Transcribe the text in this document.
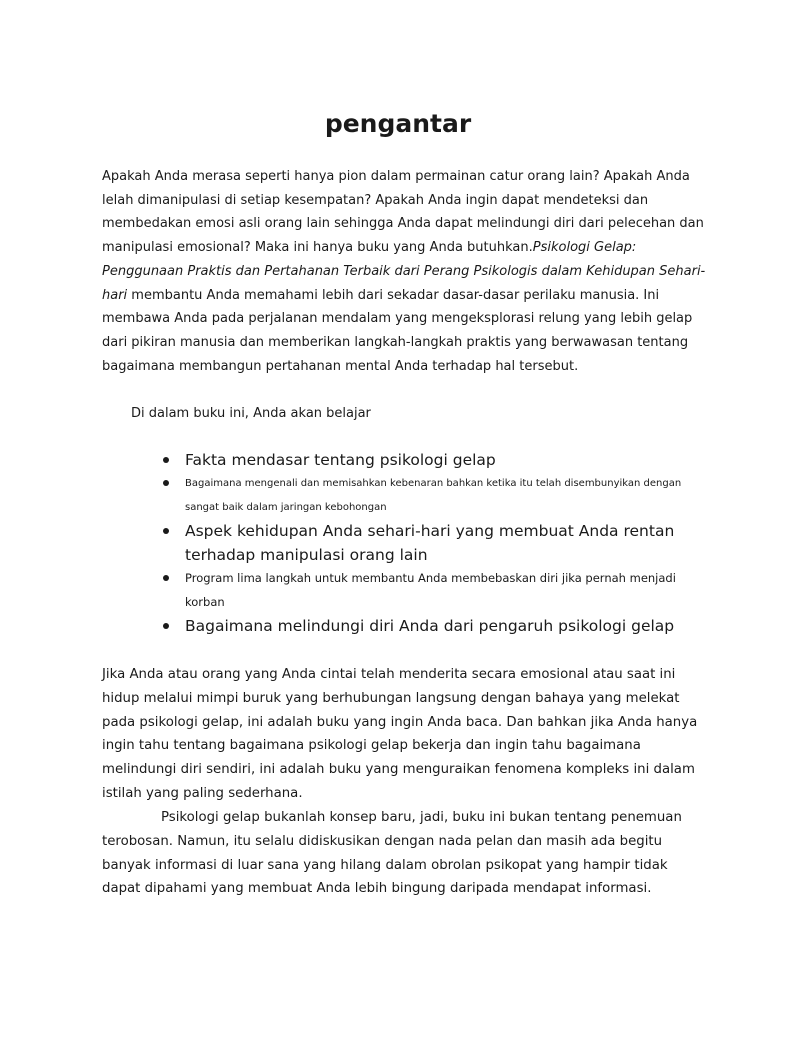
pengantar

Apakah Anda merasa seperti hanya pion dalam permainan catur orang lain? Apakah Anda lelah dimanipulasi di setiap kesempatan? Apakah Anda ingin dapat mendeteksi dan membedakan emosi asli orang lain sehingga Anda dapat melindungi diri dari pelecehan dan manipulasi emosional? Maka ini hanya buku yang Anda butuhkan.Psikologi Gelap: Penggunaan Praktis dan Pertahanan Terbaik dari Perang Psikologis dalam Kehidupan Sehari-hari membantu Anda memahami lebih dari sekadar dasar-dasar perilaku manusia. Ini membawa Anda pada perjalanan mendalam yang mengeksplorasi relung yang lebih gelap dari pikiran manusia dan memberikan langkah-langkah praktis yang berwawasan tentang bagaimana membangun pertahanan mental Anda terhadap hal tersebut.

Di dalam buku ini, Anda akan belajar

Fakta mendasar tentang psikologi gelap
Bagaimana mengenali dan memisahkan kebenaran bahkan ketika itu telah disembunyikan dengan sangat baik dalam jaringan kebohongan
Aspek kehidupan Anda sehari-hari yang membuat Anda rentan terhadap manipulasi orang lain
Program lima langkah untuk membantu Anda membebaskan diri jika pernah menjadi korban
Bagaimana melindungi diri Anda dari pengaruh psikologi gelap

Jika Anda atau orang yang Anda cintai telah menderita secara emosional atau saat ini hidup melalui mimpi buruk yang berhubungan langsung dengan bahaya yang melekat pada psikologi gelap, ini adalah buku yang ingin Anda baca. Dan bahkan jika Anda hanya ingin tahu tentang bagaimana psikologi gelap bekerja dan ingin tahu bagaimana melindungi diri sendiri, ini adalah buku yang menguraikan fenomena kompleks ini dalam istilah yang paling sederhana.

Psikologi gelap bukanlah konsep baru, jadi, buku ini bukan tentang penemuan terobosan. Namun, itu selalu didiskusikan dengan nada pelan dan masih ada begitu banyak informasi di luar sana yang hilang dalam obrolan psikopat yang hampir tidak dapat dipahami yang membuat Anda lebih bingung daripada mendapat informasi.
